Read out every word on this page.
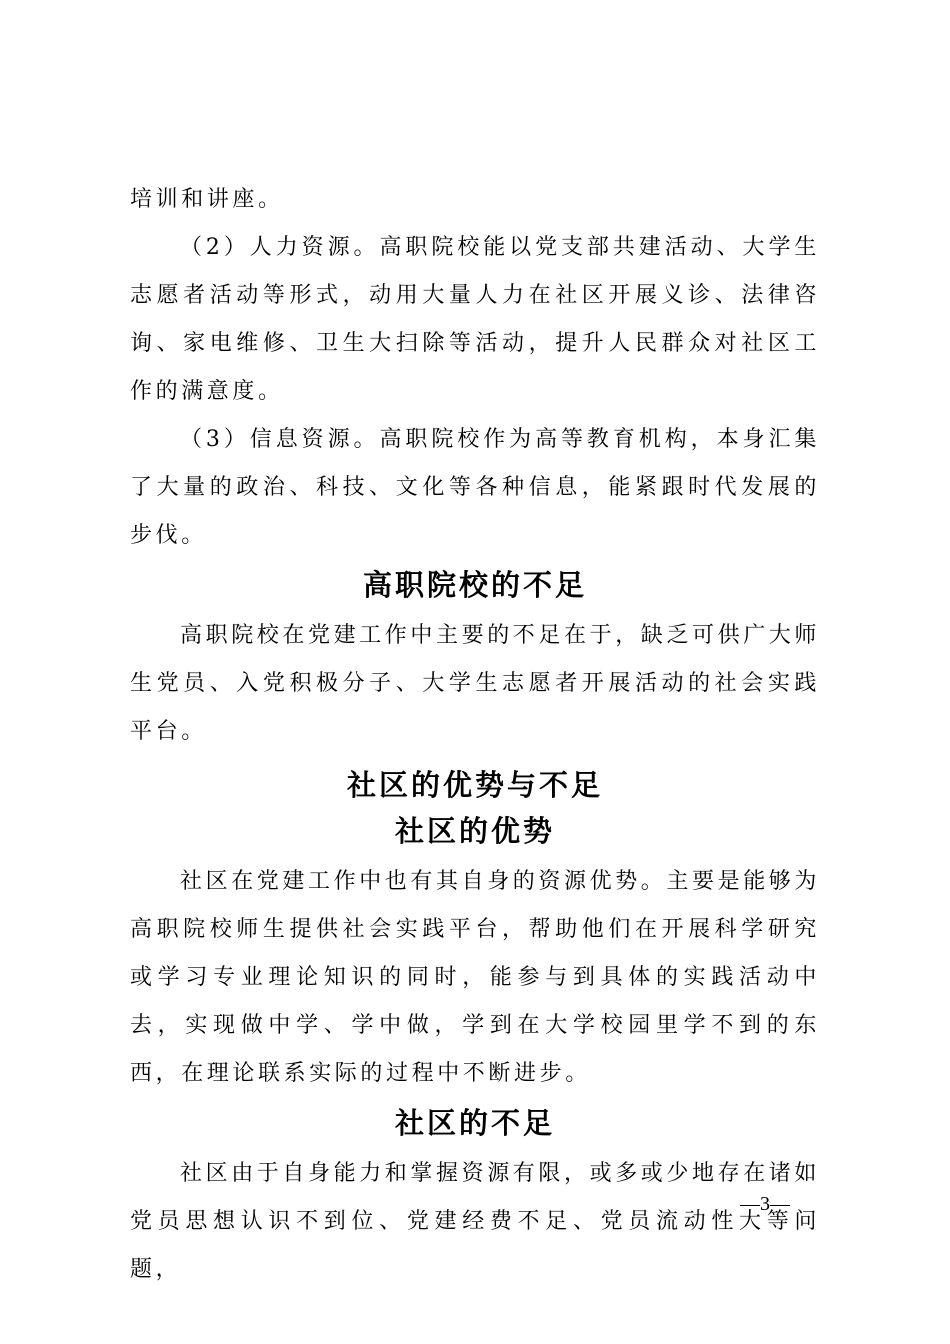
培训和讲座。

（2）人力资源。高职院校能以党支部共建活动、大学生志愿者活动等形式，动用大量人力在社区开展义诊、法律咨询、家电维修、卫生大扫除等活动，提升人民群众对社区工作的满意度。

（3）信息资源。高职院校作为高等教育机构，本身汇集了大量的政治、科技、文化等各种信息，能紧跟时代发展的步伐。

高职院校的不足

高职院校在党建工作中主要的不足在于，缺乏可供广大师生党员、入党积极分子、大学生志愿者开展活动的社会实践平台。

社区的优势与不足
社区的优势

社区在党建工作中也有其自身的资源优势。主要是能够为高职院校师生提供社会实践平台，帮助他们在开展科学研究或学习专业理论知识的同时，能参与到具体的实践活动中去，实现做中学、学中做，学到在大学校园里学不到的东西，在理论联系实际的过程中不断进步。

社区的不足

社区由于自身能力和掌握资源有限，或多或少地存在诸如党员思想认识不到位、党建经费不足、党员流动性大等问题，

—3—
